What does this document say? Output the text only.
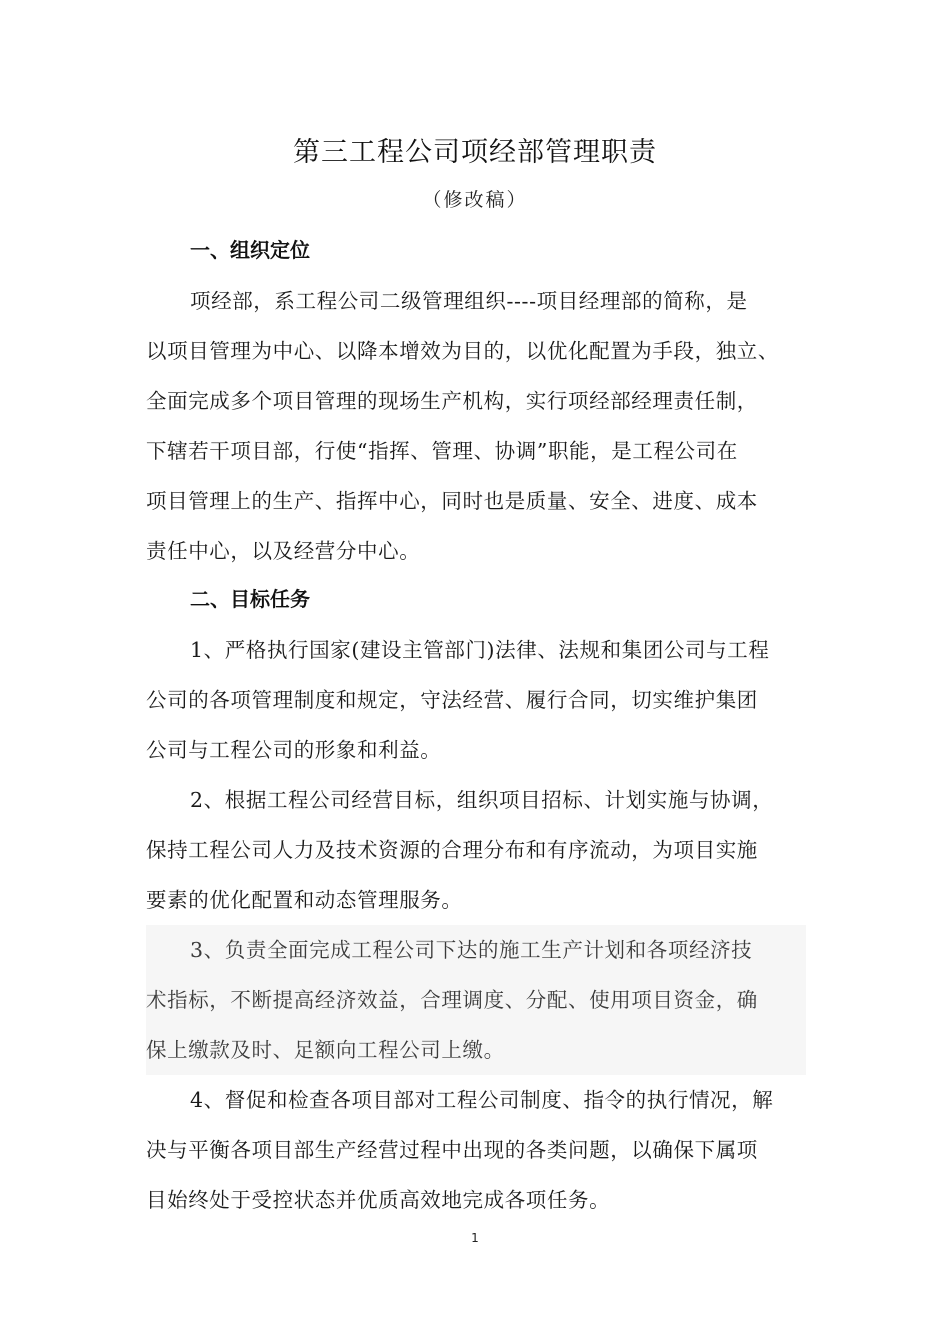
第三工程公司项经部管理职责
（修改稿）
一、组织定位
项经部，系工程公司二级管理组织----项目经理部的简称，是
以项目管理为中心、以降本增效为目的，以优化配置为手段，独立、
全面完成多个项目管理的现场生产机构，实行项经部经理责任制，
下辖若干项目部，行使“指挥、管理、协调”职能，是工程公司在
项目管理上的生产、指挥中心，同时也是质量、安全、进度、成本
责任中心，以及经营分中心。
二、目标任务
1、严格执行国家(建设主管部门)法律、法规和集团公司与工程
公司的各项管理制度和规定，守法经营、履行合同，切实维护集团
公司与工程公司的形象和利益。
2、根据工程公司经营目标，组织项目招标、计划实施与协调，
保持工程公司人力及技术资源的合理分布和有序流动，为项目实施
要素的优化配置和动态管理服务。
3、负责全面完成工程公司下达的施工生产计划和各项经济技
术指标，不断提高经济效益，合理调度、分配、使用项目资金，确
保上缴款及时、足额向工程公司上缴。
4、督促和检查各项目部对工程公司制度、指令的执行情况，解
决与平衡各项目部生产经营过程中出现的各类问题，以确保下属项
目始终处于受控状态并优质高效地完成各项任务。
1
